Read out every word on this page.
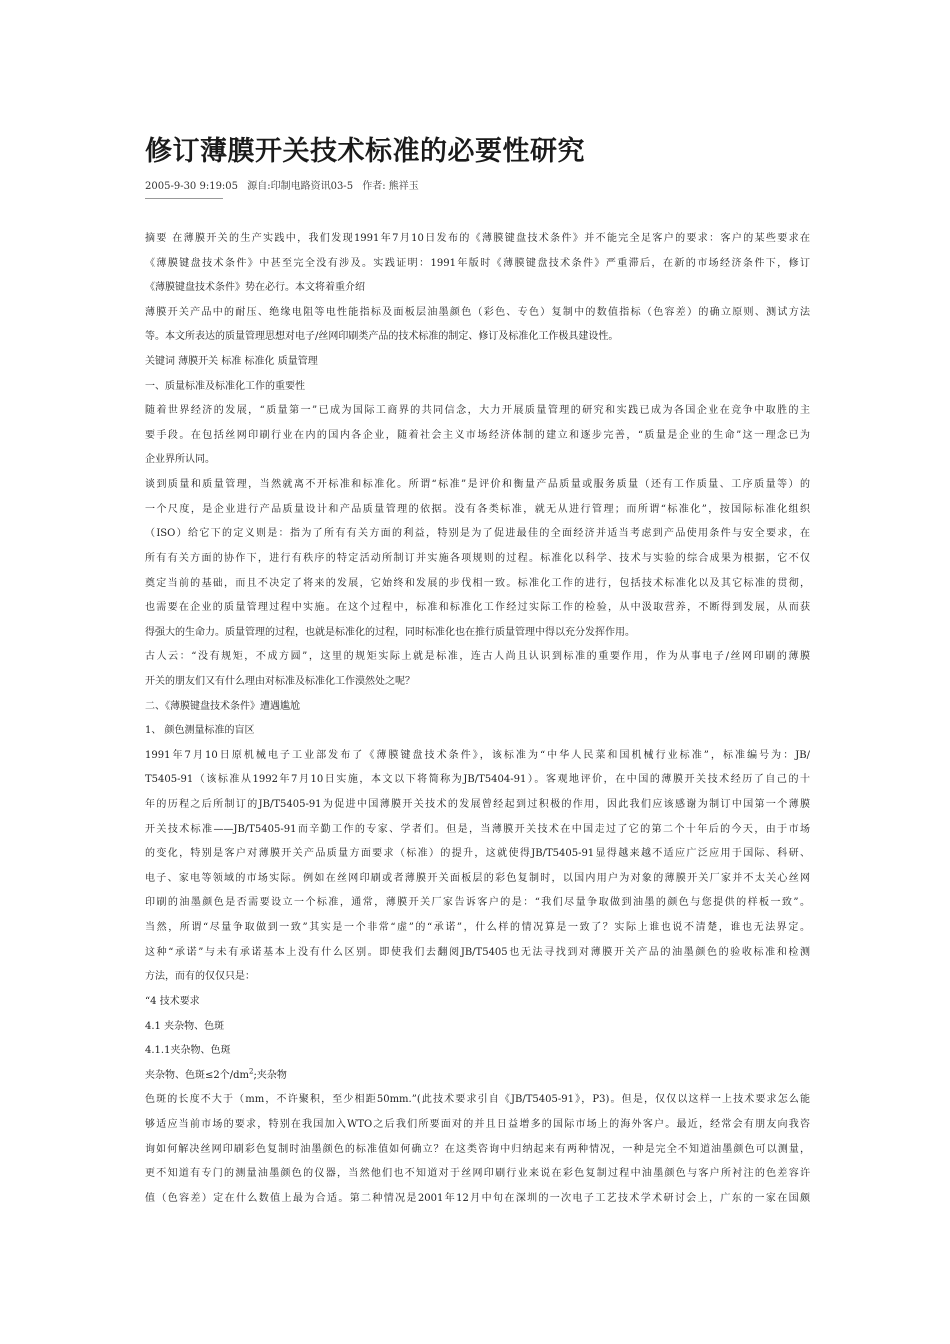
修订薄膜开关技术标准的必要性研究
2005-9-30 9:19:05 源自:印制电路资讯03-5 作者: 熊祥玉
摘要 在薄膜开关的生产实践中，我们发现1991年7月10日发布的《薄膜键盘技术条件》并不能完全足客户的要求：客户的某些要求在
《薄膜键盘技术条件》中甚至完全没有涉及。实践证明：1991年版时《薄膜键盘技术条件》严重滞后，在新的市场经济条件下，修订
《薄膜键盘技术条件》势在必行。本文将着重介绍
薄膜开关产品中的耐压、绝缘电阻等电性能指标及面板层油墨颜色（彩色、专色）复制中的数值指标（色容差）的确立原则、测试方法
等。本文所表达的质量管理思想对电子/丝网印刷类产品的技术标准的制定、修订及标准化工作极具建设性。
关键词 薄膜开关 标准 标准化 质量管理
一、质量标准及标准化工作的重要性
随着世界经济的发展，“质量第一”已成为国际工商界的共同信念，大力开展质量管理的研究和实践已成为各国企业在竞争中取胜的主
要手段。在包括丝网印刷行业在内的国内各企业，随着社会主义市场经济体制的建立和逐步完善，“质量是企业的生命”这一理念已为
企业界所认同。
谈到质量和质量管理，当然就离不开标准和标准化。所谓“标准”是评价和衡量产品质量或服务质量（还有工作质量、工序质量等）的
一个尺度，是企业进行产品质量设计和产品质量管理的依据。没有各类标准，就无从进行管理；而所谓“标准化”，按国际标准化组织
（ISO）给它下的定义则是：指为了所有有关方面的利益，特别是为了促进最佳的全面经济并适当考虑到产品使用条件与安全要求，在
所有有关方面的协作下，进行有秩序的特定活动所制订并实施各项规则的过程。标准化以科学、技术与实验的综合成果为根据，它不仅
奠定当前的基础，而且不决定了将来的发展，它始终和发展的步伐相一致。标准化工作的进行，包括技术标准化以及其它标准的贯彻，
也需要在企业的质量管理过程中实施。在这个过程中，标准和标准化工作经过实际工作的检验，从中汲取营养，不断得到发展，从而获
得强大的生命力。质量管理的过程，也就是标准化的过程，同时标准化也在推行质量管理中得以充分发挥作用。
古人云：“没有规矩，不成方圆”，这里的规矩实际上就是标准，连古人尚且认识到标准的重要作用，作为从事电子/丝网印刷的薄膜
开关的朋友们又有什么理由对标准及标准化工作漠然处之呢？
二、《薄膜键盘技术条件》遭遇尴尬
1、 颜色测量标准的盲区
1991年7月10日原机械电子工业部发布了《薄膜键盘技术条件》，该标准为“中华人民菜和国机械行业标准”，标准编号为：JB/
T5405-91（该标准从1992年7月10日实施，本文以下将简称为JB/T5404-91）。客观地评价，在中国的薄膜开关技术经历了自己的十
年的历程之后所制订的JB/T5405-91为促进中国薄膜开关技术的发展曾经起到过积极的作用，因此我们应该感谢为制订中国第一个薄膜
开关技术标准——JB/T5405-91而辛勤工作的专家、学者们。但是，当薄膜开关技术在中国走过了它的第二个十年后的今天，由于市场
的变化，特别是客户对薄膜开关产品质量方面要求（标准）的提升，这就使得JB/T5405-91显得越来越不适应广泛应用于国际、科研、
电子、家电等领域的市场实际。例如在丝网印刷或者薄膜开关面板层的彩色复制时，以国内用户为对象的薄膜开关厂家并不太关心丝网
印刷的油墨颜色是否需要设立一个标准，通常，薄膜开关厂家告诉客户的是：“我们尽量争取做到油墨的颜色与您提供的样板一致”。
当然，所谓“尽量争取做到一致”其实是一个非常“虚”的“承诺”，什么样的情况算是一致了？实际上谁也说不清楚，谁也无法界定。
这种“承诺”与未有承诺基本上没有什么区别。即使我们去翻阅JB/T5405也无法寻找到对薄膜开关产品的油墨颜色的验收标准和检测
方法，而有的仅仅只是：
“4 技术要求
4.1 夹杂物、色斑
4.1.1夹杂物、色斑
夹杂物、色斑≤2个$/dm^2$;夹杂物
色斑的长度不大于（mm，不许聚积，至少相距50mm.”(此技术要求引自《JB/T5405-91》，P3)。但是，仅仅以这样一上技术要求怎么能
够适应当前市场的要求，特别在我国加入WTO之后我们所要面对的并且日益增多的国际市场上的海外客户。最近，经常会有朋友向我咨
询如何解决丝网印刷彩色复制时油墨颜色的标准值如何确立？在这类咨询中归纳起来有两种情况，一种是完全不知道油墨颜色可以测量，
更不知道有专门的测量油墨颜色的仪器，当然他们也不知道对于丝网印刷行业来说在彩色复制过程中油墨颜色与客户所衬注的色差容许
值（色容差）定在什么数值上最为合适。第二种情况是2001年12月中旬在深圳的一次电子工艺技术学术研讨会上，广东的一家在国颇
